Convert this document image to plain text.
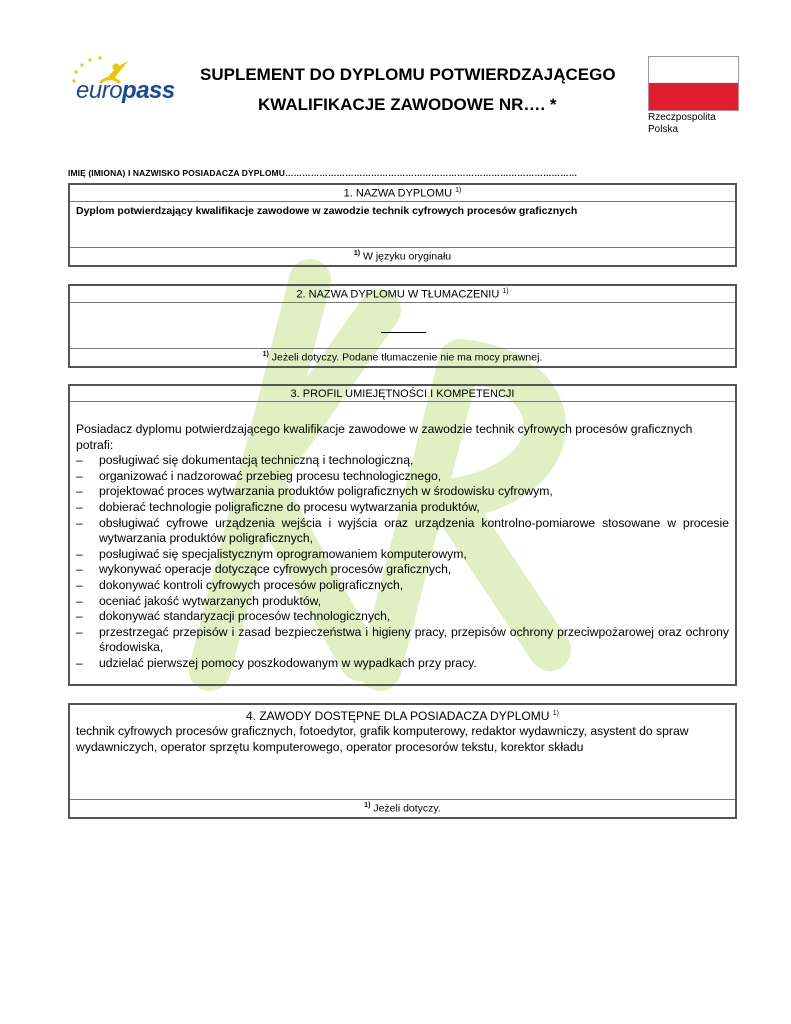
europass
SUPLEMENT DO DYPLOMU POTWIERDZAJĄCEGO
KWALIFIKACJE ZAWODOWE NR…. *
Rzeczpospolita
Polska
IMIĘ (IMIONA) I NAZWISKO POSIADACZA DYPLOMU…………………………………………………………………………………………
1. NAZWA DYPLOMU $^{1)}$
Dyplom potwierdzający kwalifikacje zawodowe w zawodzie technik cyfrowych procesów graficznych
$^{1)}$ W języku oryginału
2. NAZWA DYPLOMU W TŁUMACZENIU $^{1)}$
$^{1)}$ Jeżeli dotyczy. Podane tłumaczenie nie ma mocy prawnej.
3. PROFIL UMIEJĘTNOŚCI I KOMPETENCJI
Posiadacz dyplomu potwierdzającego kwalifikacje zawodowe w zawodzie technik cyfrowych procesów graficznych potrafi:
– posługiwać się dokumentacją techniczną i technologiczną,
– organizować i nadzorować przebieg procesu technologicznego,
– projektować proces wytwarzania produktów poligraficznych w środowisku cyfrowym,
– dobierać technologie poligraficzne do procesu wytwarzania produktów,
– obsługiwać cyfrowe urządzenia wejścia i wyjścia oraz urządzenia kontrolno-pomiarowe stosowane w procesie wytwarzania produktów poligraficznych,
– posługiwać się specjalistycznym oprogramowaniem komputerowym,
– wykonywać operacje dotyczące cyfrowych procesów graficznych,
– dokonywać kontroli cyfrowych procesów poligraficznych,
– oceniać jakość wytwarzanych produktów,
– dokonywać standaryzacji procesów technologicznych,
– przestrzegać przepisów i zasad bezpieczeństwa i higieny pracy, przepisów ochrony przeciwpożarowej oraz ochrony środowiska,
– udzielać pierwszej pomocy poszkodowanym w wypadkach przy pracy.
4. ZAWODY DOSTĘPNE DLA POSIADACZA DYPLOMU $^{1)}$
technik cyfrowych procesów graficznych, fotoedytor, grafik komputerowy, redaktor wydawniczy, asystent do spraw wydawniczych, operator sprzętu komputerowego, operator procesorów tekstu, korektor składu
$^{1)}$ Jeżeli dotyczy.
